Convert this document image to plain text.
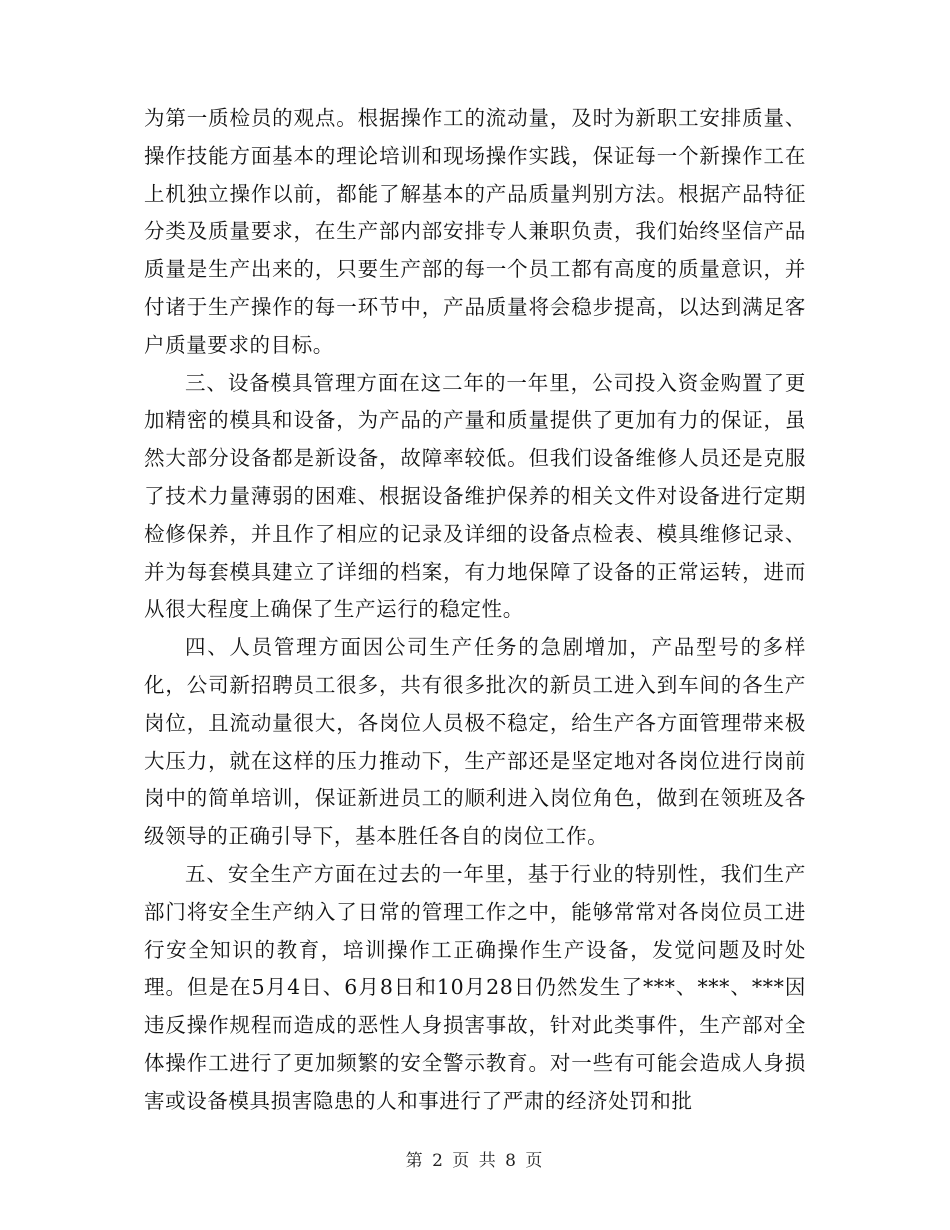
为第一质检员的观点。根据操作工的流动量，及时为新职工安排质量、操作技能方面基本的理论培训和现场操作实践，保证每一个新操作工在上机独立操作以前，都能了解基本的产品质量判别方法。根据产品特征分类及质量要求，在生产部内部安排专人兼职负责，我们始终坚信产品质量是生产出来的，只要生产部的每一个员工都有高度的质量意识，并付诸于生产操作的每一环节中，产品质量将会稳步提高，以达到满足客户质量要求的目标。

三、设备模具管理方面在这二年的一年里，公司投入资金购置了更加精密的模具和设备，为产品的产量和质量提供了更加有力的保证，虽然大部分设备都是新设备，故障率较低。但我们设备维修人员还是克服了技术力量薄弱的困难、根据设备维护保养的相关文件对设备进行定期检修保养，并且作了相应的记录及详细的设备点检表、模具维修记录、并为每套模具建立了详细的档案，有力地保障了设备的正常运转，进而从很大程度上确保了生产运行的稳定性。

四、人员管理方面因公司生产任务的急剧增加，产品型号的多样化，公司新招聘员工很多，共有很多批次的新员工进入到车间的各生产岗位，且流动量很大，各岗位人员极不稳定，给生产各方面管理带来极大压力，就在这样的压力推动下，生产部还是坚定地对各岗位进行岗前岗中的简单培训，保证新进员工的顺利进入岗位角色，做到在领班及各级领导的正确引导下，基本胜任各自的岗位工作。

五、安全生产方面在过去的一年里，基于行业的特别性，我们生产部门将安全生产纳入了日常的管理工作之中，能够常常对各岗位员工进行安全知识的教育，培训操作工正确操作生产设备，发觉问题及时处理。但是在5月4日、6月8日和10月28日仍然发生了***、***、***因违反操作规程而造成的恶性人身损害事故，针对此类事件，生产部对全体操作工进行了更加频繁的安全警示教育。对一些有可能会造成人身损害或设备模具损害隐患的人和事进行了严肃的经济处罚和批

第 2 页 共 8 页
